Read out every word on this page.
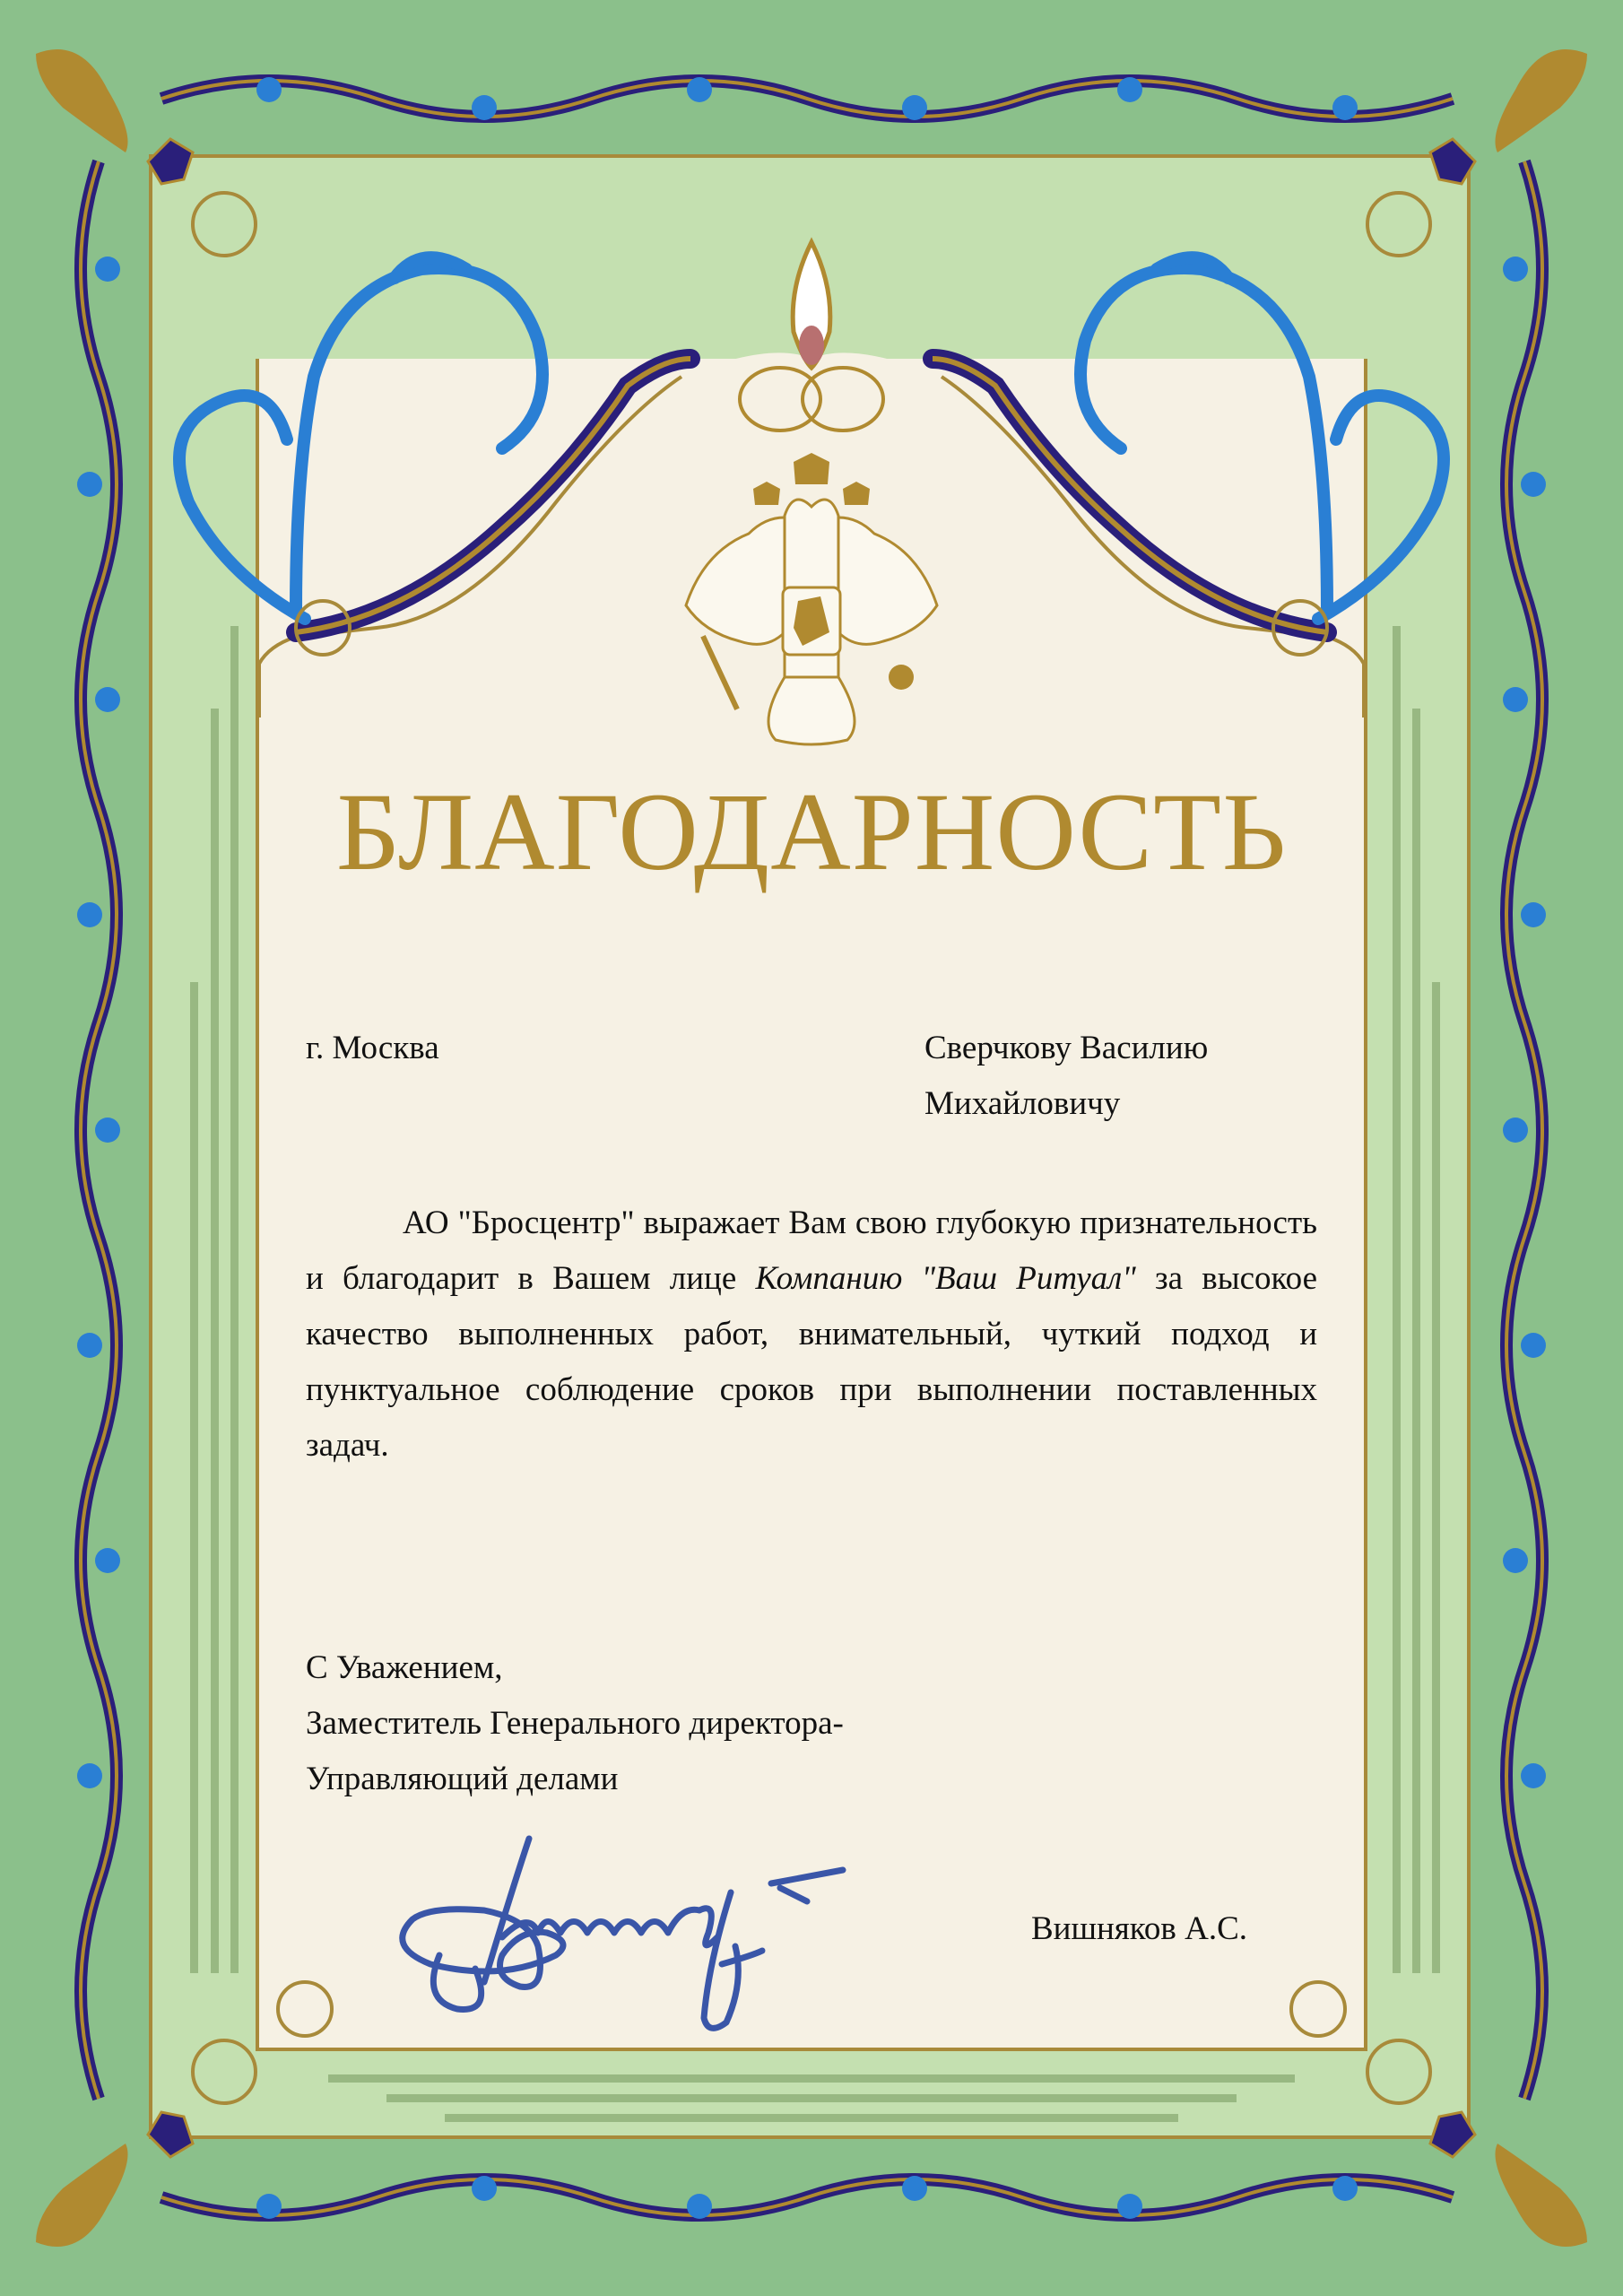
БЛАГОДАРНОСТЬ
г. Москва	Сверчкову Василию
Михайловичу
АО "Бросцентр" выражает Вам свою глубокую признательность и благодарит в Вашем лице Компанию "Ваш Ритуал" за высокое качество выполненных работ, внимательный, чуткий подход и пунктуальное соблюдение сроков при выполнении поставленных задач.
С Уважением,
Заместитель Генерального директора-
Управляющий делами
Вишняков А.С.
